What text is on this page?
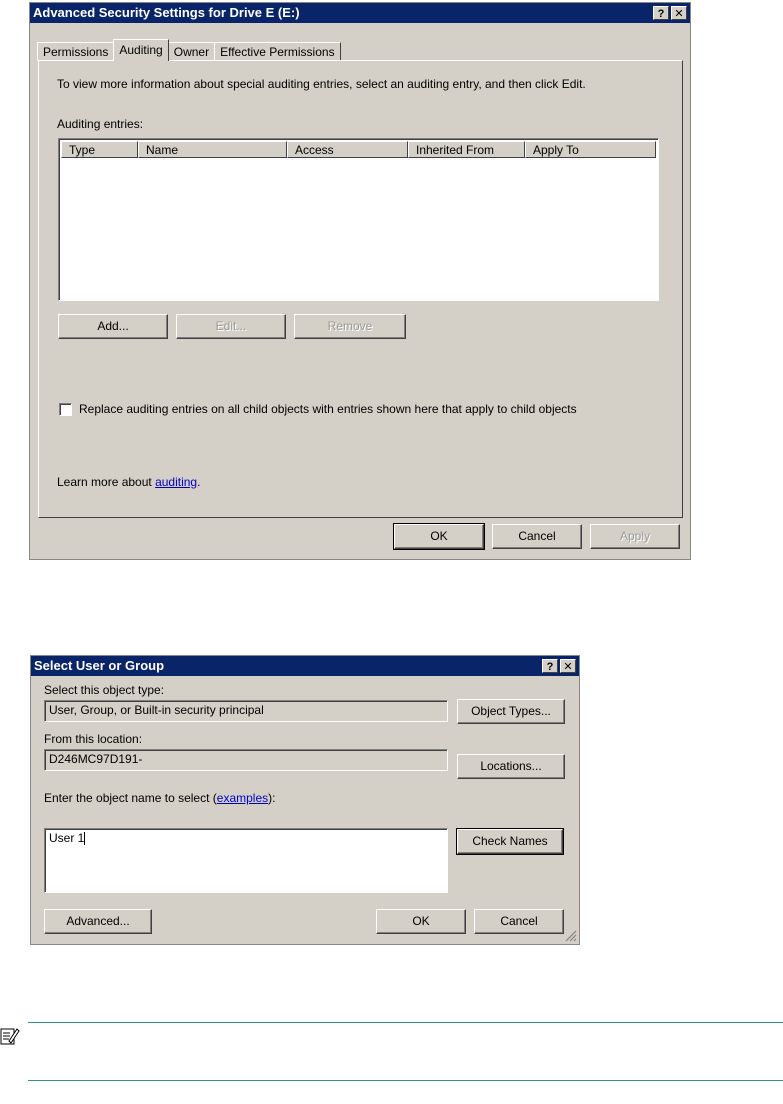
Advanced Security Settings for Drive E (E:)	? ✕
Permissions Auditing Owner Effective Permissions
To view more information about special auditing entries, select an auditing entry, and then click Edit.
Auditing entries:
Type	Name	Access	Inherited From	Apply To
Add...	Edit...	Remove
Replace auditing entries on all child objects with entries shown here that apply to child objects
Learn more about auditing.
OK	Cancel	Apply
Select User or Group	? ✕
Select this object type:
User, Group, or Built-in security principal	Object Types...
From this location:
D246MC97D191-	Locations...
Enter the object name to select (examples):
User 1	Check Names
Advanced...	OK	Cancel
